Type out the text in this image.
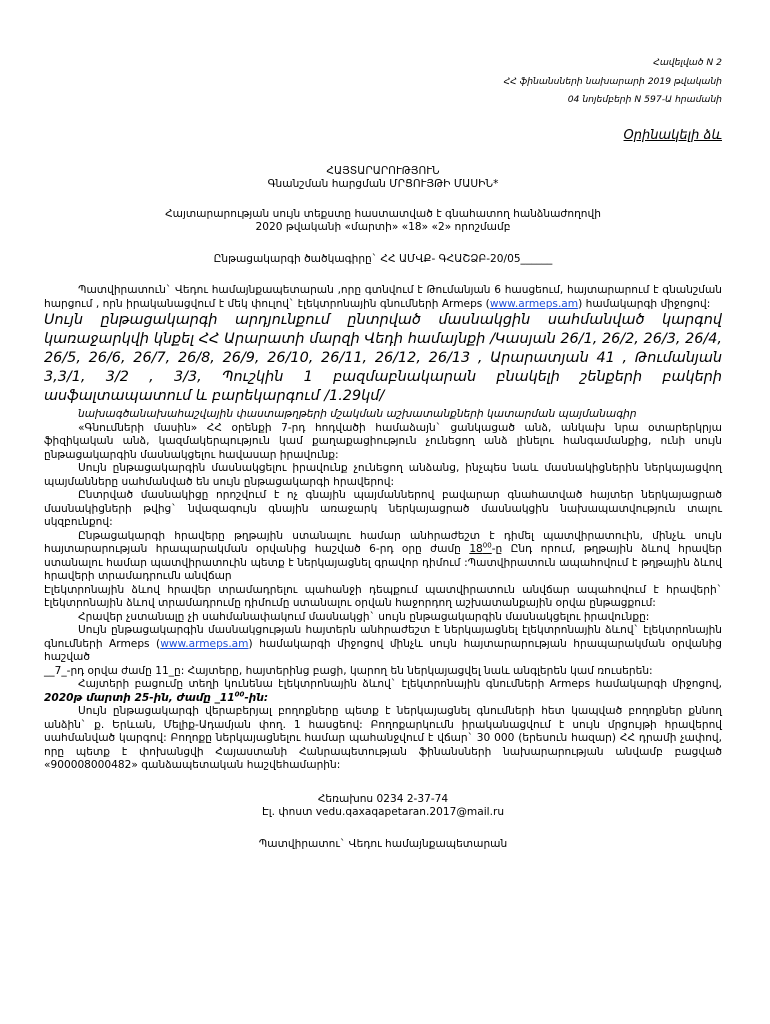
Հավելված N 2
ՀՀ ֆինանսների նախարարի 2019 թվականի
04 նոյեմբերի N 597-Ա հրամանի
Օրինակելի ձև
ՀԱՅՏԱՐԱՐՈՒԹՅՈՒՆ
Գնանշման հարցման ՄՐՑՈՒՅԹԻ ՄԱՍԻՆ*
Հայտարարության սույն տեքստը հաստատված է գնահատող հանձնաժողովի
2020 թվականի «մարտի» «18» «2» որոշմամբ
Ընթացակարգի ծածկագիրը` ՀՀ ԱՄՎՔ- ԳՀԱՇՁԲ-20/05______

Պատվիրատուն` Վեդու համայնքապետարան ,որը գտնվում է Թումանյան 6 հասցեում, հայտարարում է գնանշման հարցում , որն իրականացվում է մեկ փուլով` էլեկտրոնային գնումների Armeps (www.armeps.am) համակարգի միջոցով:

Սույն ընթացակարգի արդյունքում ընտրված մասնակցին սահմանված կարգով կառաջարկվի կնքել ՀՀ Արարատի մարզի Վեդի համայնքի /Կասյան 26/1, 26/2, 26/3, 26/4, 26/5, 26/6, 26/7, 26/8, 26/9, 26/10, 26/11, 26/12, 26/13 , Արարատյան 41 , Թումանյան 3,3/1, 3/2 , 3/3, Պուշկին 1 բազմաբնակարան բնակելի շենքերի բակերի ասֆալտապատում և բարեկարգում /1.29կմ/

նախագծանախահաշվային փաստաթղթերի մշակման աշխատանքների կատարման պայմանագիր

«Գնումների մասին» ՀՀ օրենքի 7-րդ հոդվածի համաձայն` ցանկացած անձ, անկախ նրա օտարերկրյա ֆիզիկական անձ, կազմակերպություն կամ քաղաքացիություն չունեցող անձ լինելու հանգամանքից, ունի սույն ընթացակարգին մասնակցելու հավասար իրավունք:

Սույն ընթացակարգին մասնակցելու իրավունք չունեցող անձանց, ինչպես նաև մասնակիցներին ներկայացվող պայմանները սահմանված են սույն ընթացակարգի հրավերով:

Ընտրված մասնակիցը որոշվում է ոչ գնային պայմաններով բավարար գնահատված հայտեր ներկայացրած մասնակիցների թվից` նվազագույն գնային առաջարկ ներկայացրած մասնակցին նախապատվություն տալու սկզբունքով:

Ընթացակարգի հրավերը թղթային ստանալու համար անհրաժեշտ է դիմել պատվիրատուին, մինչև սույն հայտարարության հրապարակման օրվանից հաշված 6-րդ օրը ժամը $18^{00}-ը$ Ընդ որում, թղթային ձևով հրավեր ստանալու համար պատվիրատուին պետք է ներկայացնել գրավոր դիմում :Պատվիրատուն ապահովում է թղթային ձևով հրավերի տրամադրումն անվճար

Էլեկտրոնային ձևով հրավեր տրամադրելու պահանջի դեպքում պատվիրատուն անվճար ապահովում է հրավերի` էլեկտրոնային ձևով տրամադրումը դիմումը ստանալու օրվան հաջորդող աշխատանքային օրվա ընթացքում:

Հրավեր չստանալը չի սահմանափակում մասնակցի` սույն ընթացակարգին մասնակցելու իրավունքը:

Սույն ընթացակարգին մասնակցության հայտերն անհրաժեշտ է ներկայացնել էլեկտրոնային ձևով` էլեկտրոնային գնումների Armeps (www.armeps.am) համակարգի միջոցով մինչև սույն հայտարարության հրապարակման օրվանից հաշված

__7_-րդ օրվա ժամը 11_ը: Հայտերը, հայտերինց բացի, կարող են ներկայացվել նաև անգլերեն կամ ռուսերեն:

Հայտերի բացումը տեղի կունենա էլեկտրոնային ձևով` էլեկտրոնային գնումների Armeps համակարգի միջոցով, 2020թ մարտի 25-ին, ժամը $\_11^{00}-ին$:

Սույն ընթացակարգի վերաբերյալ բողոքները պետք է ներկայացնել գնումների հետ կապված բողոքներ քննող անձին` ք. Երևան, Մելիք-Ադամյան փող. 1 հասցեով: Բողոքարկումն իրականացվում է սույն մրցույթի հրավերով սահմանված կարգով: Բողոքը ներկայացնելու համար պահանջվում է վճար` 30 000 (երեսուն հազար) ՀՀ դրամի չափով, որը պետք է փոխանցվի Հայաստանի Հանրապետության ֆինանսների նախարարության անվամբ բացված «900008000482» գանձապետական հաշվեհամարին:

Հեռախոս 0234 2-37-74
Էլ. փոստ vedu.qaxaqapetaran.2017@mail.ru
Պատվիրատու` Վեդու համայնքապետարան
